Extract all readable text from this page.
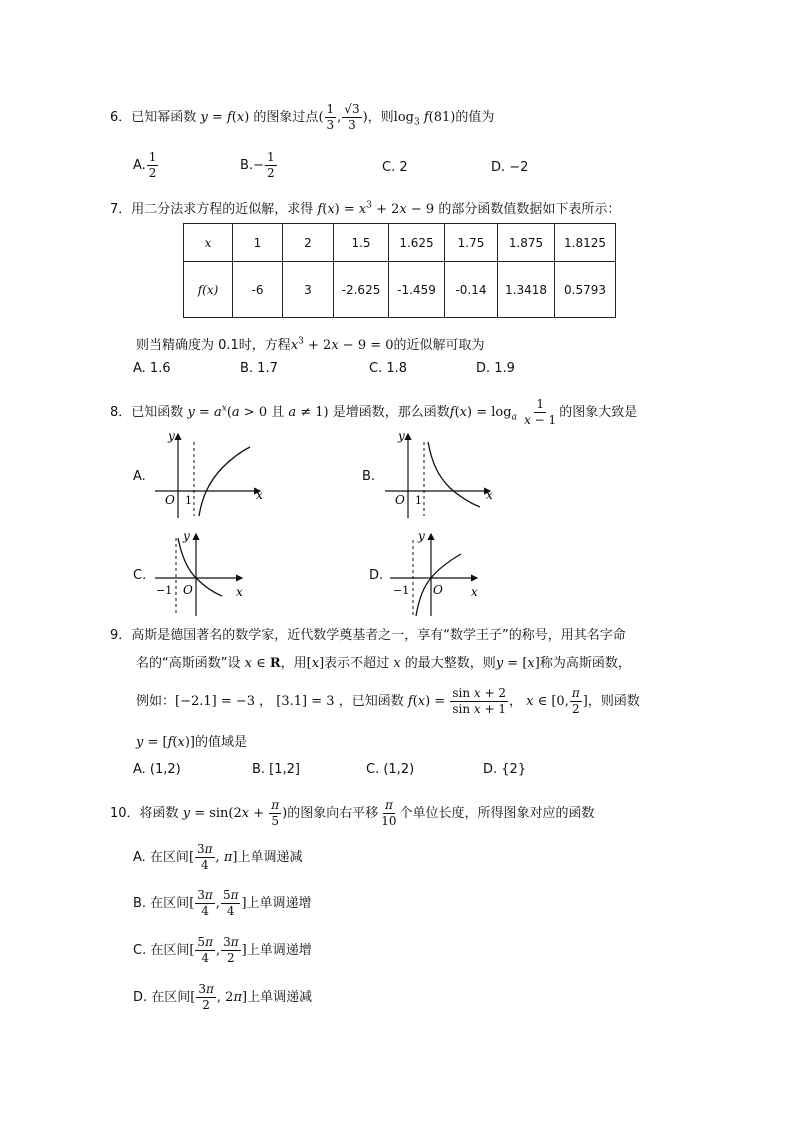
6．已知幂函数 y = f(x) 的图象过点( $\frac{1}{3}$ , $\frac{√3}{3}$ )，则$\log_3 f(81)$的值为
A. $\frac{1}{2}$	$B.- \frac{1}{2}$	C. 2	D. −2
7．用二分法求方程的近似解，求得 $f(x) = x^3 + 2x - 9$ 的部分函数值数据如下表所示：
x	1	2	1.5	1.625	1.75	1.875	1.8125
f(x)	-6	3	-2.625	-1.459	-0.14	1.3418	0.5793
则当精确度为 0.1时，方程$x^3 + 2x - 9 = 0$的近似解可取为
A. 1.6	B. 1.7	C. 1.8	D. 1.9
8．已知函数 $y = a^x(a > 0$ 且 a ≠ 1) 是增函数，那么函数$f(x) = \log_a \frac{1}{x - 1}$ 的图象大致是
A.
y
x
O 1
B.
y
x
O 1
C.
y
x
O
−1
D.
y
x
O
−1
9．高斯是德国著名的数学家，近代数学奠基者之一，享有“数学王子”的称号，用其名字命
名的“高斯函数”设 x ∈ R，用[x]表示不超过 x 的最大整数，则y = [x]称为高斯函数，
例如：[−2.1] = −3 ， [3.1] = 3 ，已知函数 $f(x) = \frac{\text{sin x + 2}}{\text{sin x + 1}}$ ， x ∈ [0, $\frac{\pi}{2}$ ]，则函数
y = [f(x)]的值域是
A. (1,2)	B. [1,2]	C. (1,2)	D. {2}
10．将函数 $y = \sin(2x + \frac{\pi}{5}$ )的图象向右平移 $\frac{\pi}{10}$ 个单位长度，所得图象对应的函数
A. 在区间[ $\frac{3\pi}{4}$ , π]上单调递减
B. 在区间[ $\frac{3\pi}{4}$ , $\frac{5\pi}{4}$ ]上单调递增
C. 在区间[ $\frac{5\pi}{4}$ , $\frac{3\pi}{2}$ ]上单调递增
D. 在区间[ $\frac{3\pi}{2}$ , 2π]上单调递减
